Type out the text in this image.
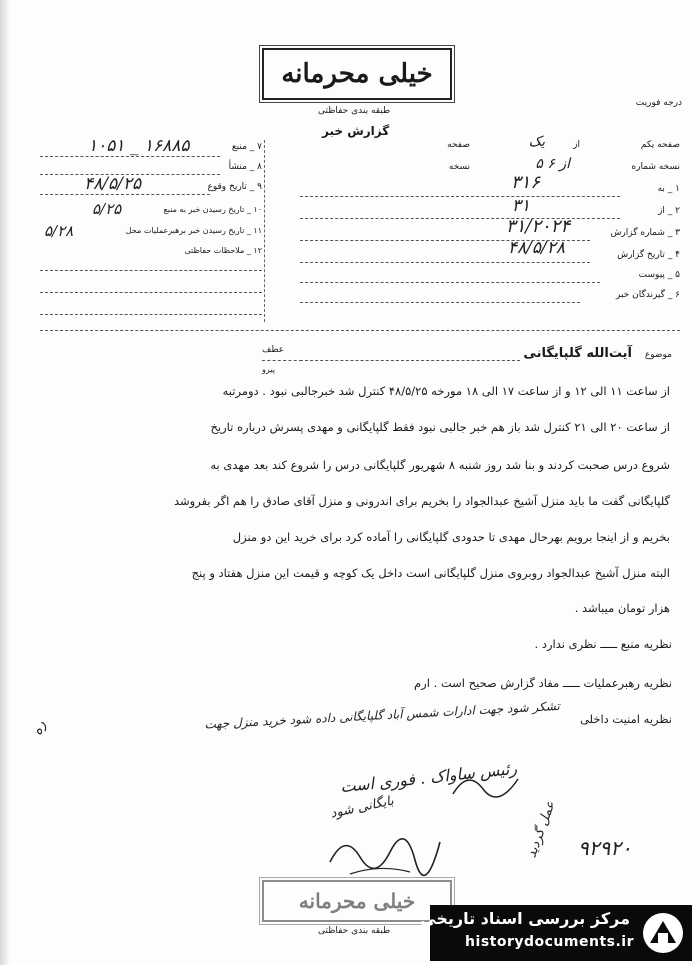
خیلی محرمانه
طبقه بندی حفاظتی
درجه فوریت
گزارش خبر
۷ _ منبع
۱۰۵۱ _ ۱۶۸۸۵
۸ _ منشأ
۹ _ تاریخ وقوع
۴۸/۵/۲۵
۱۰ _ تاریخ رسیدن خبر به منبع
۵/۲۵
۱۱ _ تاریخ رسیدن خبر برهبرعملیات محل
۵/۲۸
۱۲ _ ملاحظات حفاظتی
صفحه یکم
از
یک
صفحه
نسخه شماره
۵ از ۶
نسخه
۱ _ به
۳۱۶
۲ _ از
۳۱
۳ _ شماره گزارش
۳۱/۲۰۲۴
۴ _ تاریخ گزارش
۴۸/۵/۲۸
۵ _ پیوست
۶ _ گیرندگان خبر
عطف
پیرو
موضوع
آیت‌الله گلپایگانی
از ساعت ۱۱ الی ۱۲ و از ساعت ۱۷ الی ۱۸ مورخه ۴۸/۵/۲۵ کنترل شد خبرجالبی نبود . دومرتبه
از ساعت ۲۰ الی ۲۱ کنترل شد باز هم خبر جالبی نبود فقط گلپایگانی و مهدی پسرش درباره تاریخ
شروع درس صحبت کردند و بنا شد روز شنبه ۸ شهریور گلپایگانی درس را شروع کند بعد مهدی به
گلپایگانی گفت ما باید منزل آشیخ عبدالجواد را بخریم برای اندرونی و منزل آقای صادق را هم اگر بفروشد
بخریم و از اینجا برویم بهرحال مهدی تا حدودی گلپایگانی را آماده کرد برای خرید این دو منزل
البته منزل آشیخ عبدالجواد روبروی منزل گلپایگانی است داخل یک کوچه و قیمت این منزل هفتاد و پنج
هزار تومان میباشد .
نظریه منبع ـــــ نظری ندارد .
نظریه رهبرعملیات ـــــ مفاد گزارش صحیح است . ارم
نظریه امنیت داخلی
تشکر شود جهت ادارات شمس آباد گلپایگانی داده شود خرید منزل جهت
ره
رئیس ساواک . فوری است
بایگانی شود	عمل گردید ۹۲۹۲۰
خیلی محرمانه
طبقه بندی حفاظتی
مرکز بررسی اسناد تاریخی
historydocuments.ir
